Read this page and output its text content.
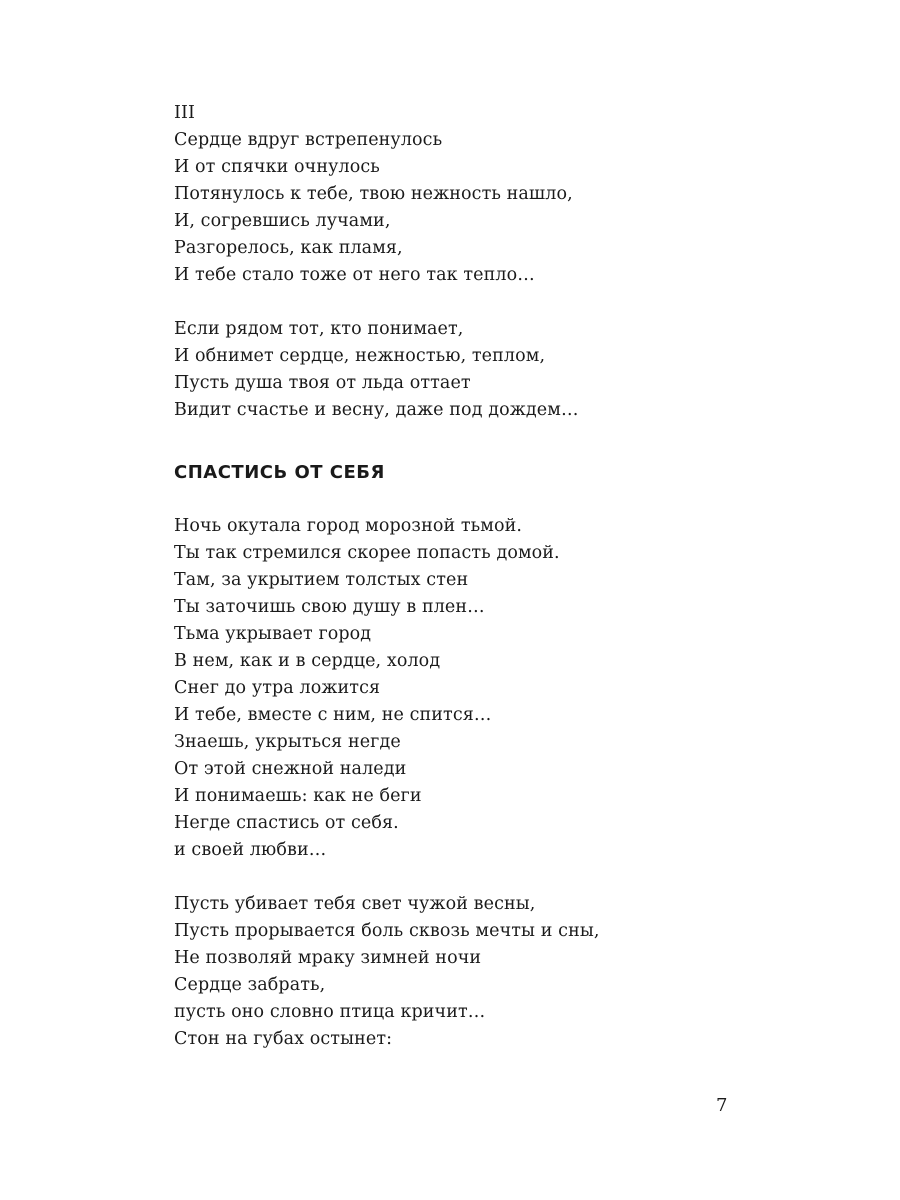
III
Сердце вдруг встрепенулось
И от спячки очнулось
Потянулось к тебе, твою нежность нашло,
И, согревшись лучами,
Разгорелось, как пламя,
И тебе стало тоже от него так тепло…
Если рядом тот, кто понимает,
И обнимет сердце, нежностью, теплом,
Пусть душа твоя от льда оттает
Видит счастье и весну, даже под дождем…
СПАСТИСЬ ОТ СЕБЯ
Ночь окутала город морозной тьмой.
Ты так стремился скорее попасть домой.
Там, за укрытием толстых стен
Ты заточишь свою душу в плен…
Тьма укрывает город
В нем, как и в сердце, холод
Снег до утра ложится
И тебе, вместе с ним, не спится…
Знаешь, укрыться негде
От этой снежной наледи
И понимаешь: как не беги
Негде спастись от себя.
и своей любви…
Пусть убивает тебя свет чужой весны,
Пусть прорывается боль сквозь мечты и сны,
Не позволяй мраку зимней ночи
Сердце забрать,
пусть оно словно птица кричит…
Стон на губах остынет:
7
